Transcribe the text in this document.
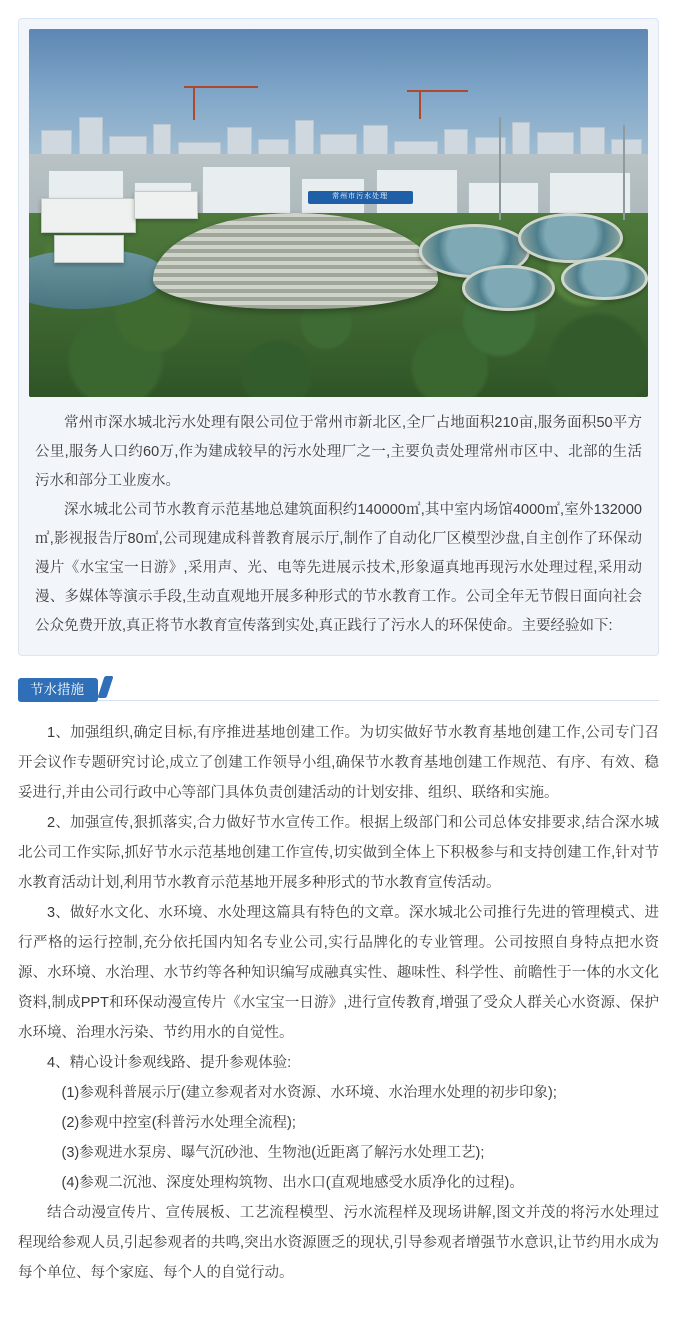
常州市污水处理

常州市深水城北污水处理有限公司位于常州市新北区,全厂占地面积210亩,服务面积50平方公里,服务人口约60万,作为建成较早的污水处理厂之一,主要负责处理常州市区中、北部的生活污水和部分工业废水。

深水城北公司节水教育示范基地总建筑面积约140000㎡,其中室内场馆4000㎡,室外132000㎡,影视报告厅80㎡,公司现建成科普教育展示厅,制作了自动化厂区模型沙盘,自主创作了环保动漫片《水宝宝一日游》,采用声、光、电等先进展示技术,形象逼真地再现污水处理过程,采用动漫、多媒体等演示手段,生动直观地开展多种形式的节水教育工作。公司全年无节假日面向社会公众免费开放,真正将节水教育宣传落到实处,真正践行了污水人的环保使命。主要经验如下:

节水措施

1、加强组织,确定目标,有序推进基地创建工作。为切实做好节水教育基地创建工作,公司专门召开会议作专题研究讨论,成立了创建工作领导小组,确保节水教育基地创建工作规范、有序、有效、稳妥进行,并由公司行政中心等部门具体负责创建活动的计划安排、组织、联络和实施。

2、加强宣传,狠抓落实,合力做好节水宣传工作。根据上级部门和公司总体安排要求,结合深水城北公司工作实际,抓好节水示范基地创建工作宣传,切实做到全体上下积极参与和支持创建工作,针对节水教育活动计划,利用节水教育示范基地开展多种形式的节水教育宣传活动。

3、做好水文化、水环境、水处理这篇具有特色的文章。深水城北公司推行先进的管理模式、进行严格的运行控制,充分依托国内知名专业公司,实行品牌化的专业管理。公司按照自身特点把水资源、水环境、水治理、水节约等各种知识编写成融真实性、趣味性、科学性、前瞻性于一体的水文化资料,制成PPT和环保动漫宣传片《水宝宝一日游》,进行宣传教育,增强了受众人群关心水资源、保护水环境、治理水污染、节约用水的自觉性。

4、精心设计参观线路、提升参观体验:

(1)参观科普展示厅(建立参观者对水资源、水环境、水治理水处理的初步印象);

(2)参观中控室(科普污水处理全流程);

(3)参观进水泵房、曝气沉砂池、生物池(近距离了解污水处理工艺);

(4)参观二沉池、深度处理构筑物、出水口(直观地感受水质净化的过程)。

结合动漫宣传片、宣传展板、工艺流程模型、污水流程样及现场讲解,图文并茂的将污水处理过程现给参观人员,引起参观者的共鸣,突出水资源匮乏的现状,引导参观者增强节水意识,让节约用水成为每个单位、每个家庭、每个人的自觉行动。
